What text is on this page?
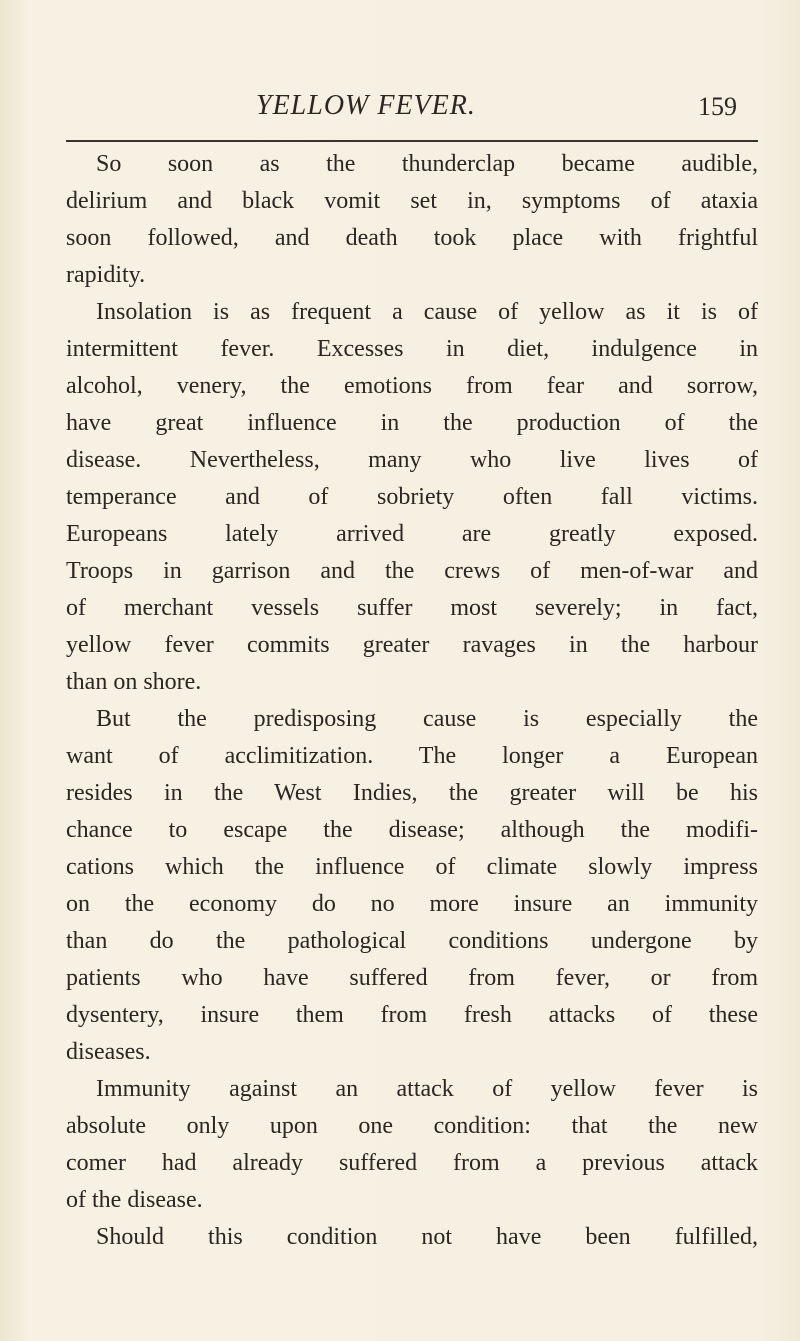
YELLOW FEVER.	159
So soon as the thunderclap became audible,
delirium and black vomit set in, symptoms of ataxia
soon followed, and death took place with frightful
rapidity.
Insolation is as frequent a cause of yellow as it is of
intermittent fever. Excesses in diet, indulgence in
alcohol, venery, the emotions from fear and sorrow,
have great influence in the production of the
disease. Nevertheless, many who live lives of
temperance and of sobriety often fall victims.
Europeans lately arrived are greatly exposed.
Troops in garrison and the crews of men-of-war and
of merchant vessels suffer most severely; in fact,
yellow fever commits greater ravages in the harbour
than on shore.
But the predisposing cause is especially the
want of acclimitization. The longer a European
resides in the West Indies, the greater will be his
chance to escape the disease; although the modifi-
cations which the influence of climate slowly impress
on the economy do no more insure an immunity
than do the pathological conditions undergone by
patients who have suffered from fever, or from
dysentery, insure them from fresh attacks of these
diseases.
Immunity against an attack of yellow fever is
absolute only upon one condition: that the new
comer had already suffered from a previous attack
of the disease.
Should this condition not have been fulfilled,
